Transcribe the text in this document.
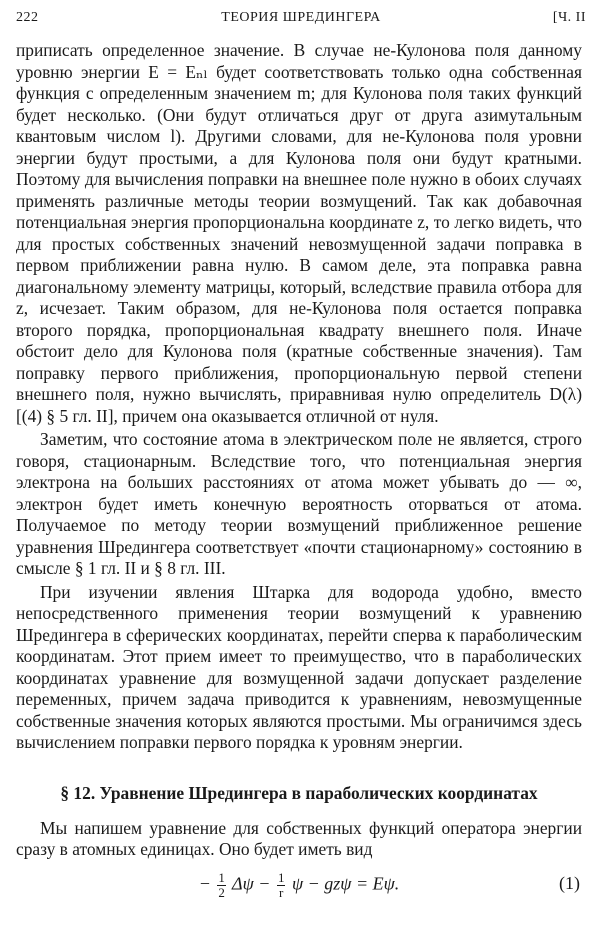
222	ТЕОРИЯ ШРЕДИНГЕРА	[Ч. II

приписать определенное значение. В случае не-Кулонова поля данному уровню энергии E = Eₙₗ будет соответствовать только одна собственная функция с определенным значением m; для Кулонова поля таких функций будет несколько. (Они будут отличаться друг от друга азимутальным квантовым числом l). Другими словами, для не-Кулонова поля уровни энергии будут простыми, а для Кулонова поля они будут кратными. Поэтому для вычисления поправки на внешнее поле нужно в обоих случаях применять различные методы теории возмущений. Так как добавочная потенциальная энергия пропорциональна координате z, то легко видеть, что для простых собственных значений невозмущенной задачи поправка в первом приближении равна нулю. В самом деле, эта поправка равна диагональному элементу матрицы, который, вследствие правила отбора для z, исчезает. Таким образом, для не-Кулонова поля остается поправка второго порядка, пропорциональная квадрату внешнего поля. Иначе обстоит дело для Кулонова поля (кратные собственные значения). Там поправку первого приближения, пропорциональную первой степени внешнего поля, нужно вычислять, приравнивая нулю определитель D(λ) [(4) § 5 гл. II], причем она оказывается отличной от нуля.

Заметим, что состояние атома в электрическом поле не является, строго говоря, стационарным. Вследствие того, что потенциальная энергия электрона на больших расстояниях от атома может убывать до — ∞, электрон будет иметь конечную вероятность оторваться от атома. Получаемое по методу теории возмущений приближенное решение уравнения Шредингера соответствует «почти стационарному» состоянию в смысле § 1 гл. II и § 8 гл. III.

При изучении явления Штарка для водорода удобно, вместо непосредственного применения теории возмущений к уравнению Шредингера в сферических координатах, перейти сперва к параболическим координатам. Этот прием имеет то преимущество, что в параболических координатах уравнение для возмущенной задачи допускает разделение переменных, причем задача приводится к уравнениям, невозмущенные собственные значения которых являются простыми. Мы ограничимся здесь вычислением поправки первого порядка к уровням энергии.

§ 12. Уравнение Шредингера в параболических координатах

Мы напишем уравнение для собственных функций оператора энергии сразу в атомных единицах. Оно будет иметь вид

− $\frac{1}{2}$ $\Delta\psi - \frac{1}{r}$ ψ − gzψ = Eψ.	(1)
